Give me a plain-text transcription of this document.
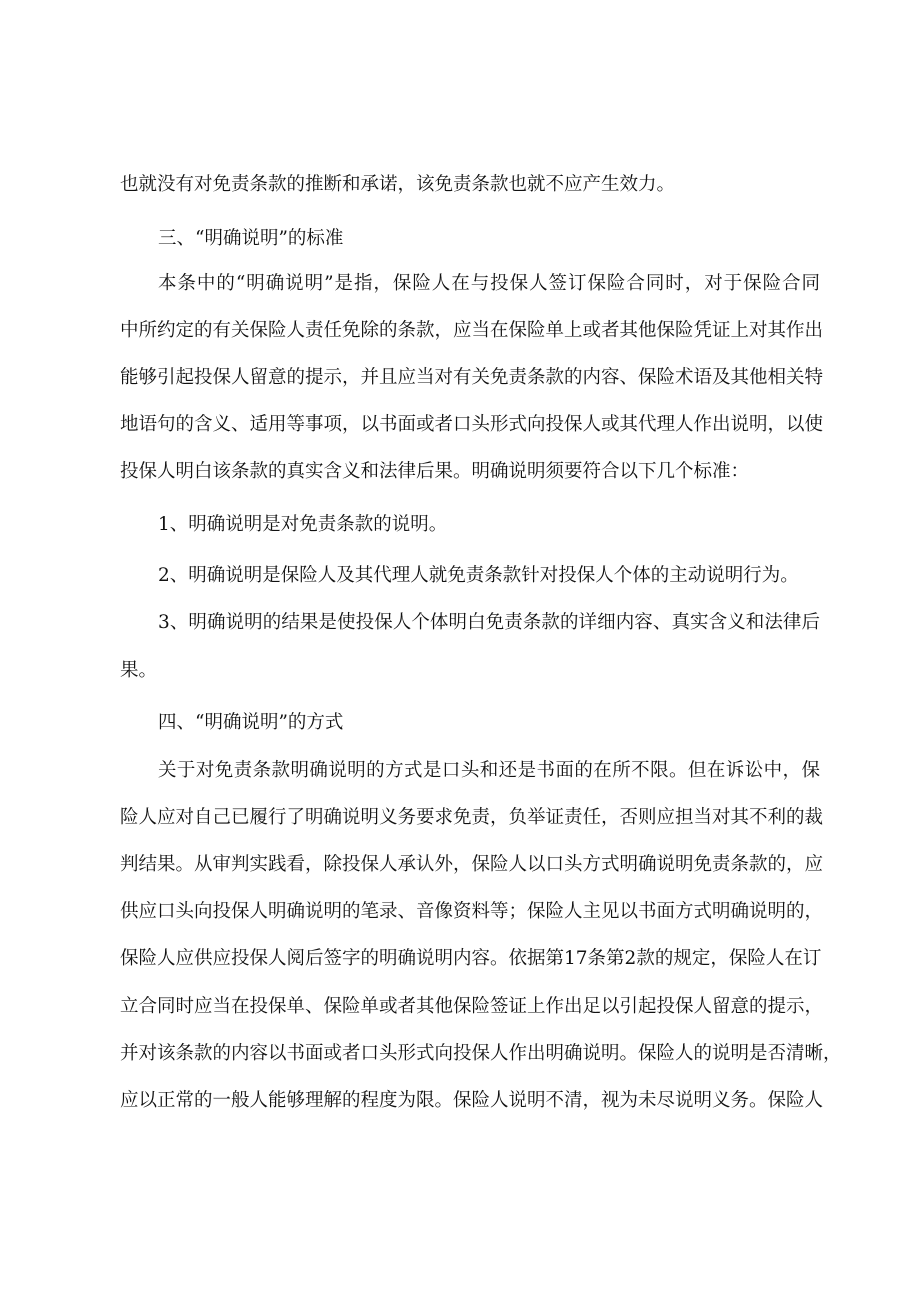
也就没有对免责条款的推断和承诺，该免责条款也就不应产生效力。
三、“明确说明”的标准
本条中的“明确说明”是指，保险人在与投保人签订保险合同时，对于保险合同
中所约定的有关保险人责任免除的条款，应当在保险单上或者其他保险凭证上对其作出
能够引起投保人留意的提示，并且应当对有关免责条款的内容、保险术语及其他相关特
地语句的含义、适用等事项，以书面或者口头形式向投保人或其代理人作出说明，以使
投保人明白该条款的真实含义和法律后果。明确说明须要符合以下几个标准：
1、明确说明是对免责条款的说明。
2、明确说明是保险人及其代理人就免责条款针对投保人个体的主动说明行为。
3、明确说明的结果是使投保人个体明白免责条款的详细内容、真实含义和法律后
果。
四、“明确说明”的方式
关于对免责条款明确说明的方式是口头和还是书面的在所不限。但在诉讼中，保
险人应对自己已履行了明确说明义务要求免责，负举证责任，否则应担当对其不利的裁
判结果。从审判实践看，除投保人承认外，保险人以口头方式明确说明免责条款的，应
供应口头向投保人明确说明的笔录、音像资料等；保险人主见以书面方式明确说明的，
保险人应供应投保人阅后签字的明确说明内容。依据第17条第2款的规定，保险人在订
立合同时应当在投保单、保险单或者其他保险签证上作出足以引起投保人留意的提示，
并对该条款的内容以书面或者口头形式向投保人作出明确说明。保险人的说明是否清晰，
应以正常的一般人能够理解的程度为限。保险人说明不清，视为未尽说明义务。保险人
